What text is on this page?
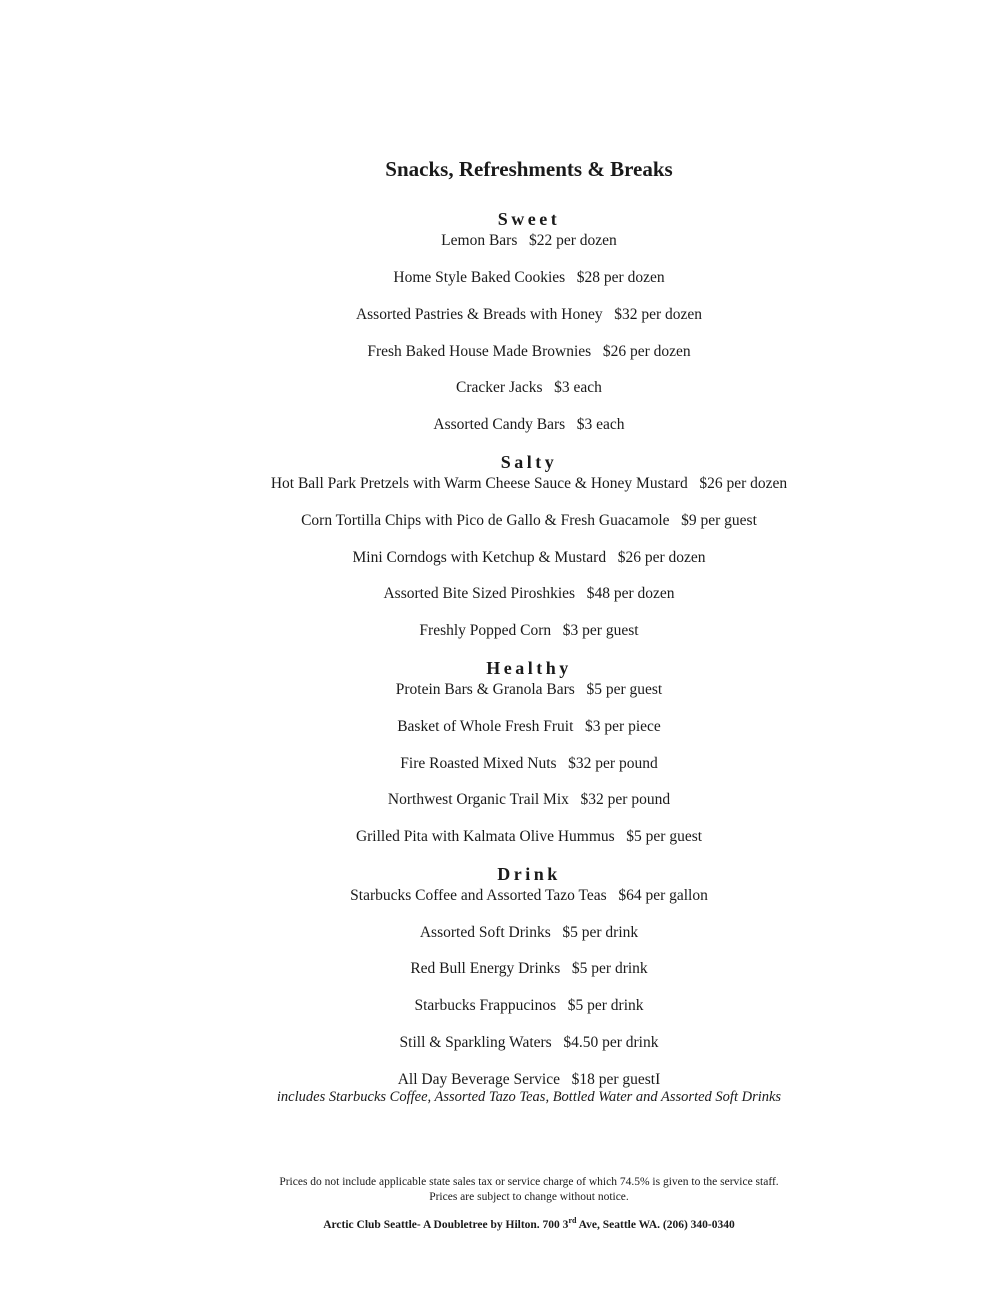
Snacks, Refreshments & Breaks
Sweet
Lemon Bars $22 per dozen
Home Style Baked Cookies $28 per dozen
Assorted Pastries & Breads with Honey $32 per dozen
Fresh Baked House Made Brownies $26 per dozen
Cracker Jacks $3 each
Assorted Candy Bars $3 each
Salty
Hot Ball Park Pretzels with Warm Cheese Sauce & Honey Mustard $26 per dozen
Corn Tortilla Chips with Pico de Gallo & Fresh Guacamole $9 per guest
Mini Corndogs with Ketchup & Mustard $26 per dozen
Assorted Bite Sized Piroshkies $48 per dozen
Freshly Popped Corn $3 per guest
Healthy
Protein Bars & Granola Bars $5 per guest
Basket of Whole Fresh Fruit $3 per piece
Fire Roasted Mixed Nuts $32 per pound
Northwest Organic Trail Mix $32 per pound
Grilled Pita with Kalmata Olive Hummus $5 per guest
Drink
Starbucks Coffee and Assorted Tazo Teas $64 per gallon
Assorted Soft Drinks $5 per drink
Red Bull Energy Drinks $5 per drink
Starbucks Frappucinos $5 per drink
Still & Sparkling Waters $4.50 per drink
All Day Beverage Service $18 per guestI
includes Starbucks Coffee, Assorted Tazo Teas, Bottled Water and Assorted Soft Drinks
Prices do not include applicable state sales tax or service charge of which 74.5% is given to the service staff.
Prices are subject to change without notice.
Arctic Club Seattle- A Doubletree by Hilton. 700 3rd Ave, Seattle WA. (206) 340-0340
